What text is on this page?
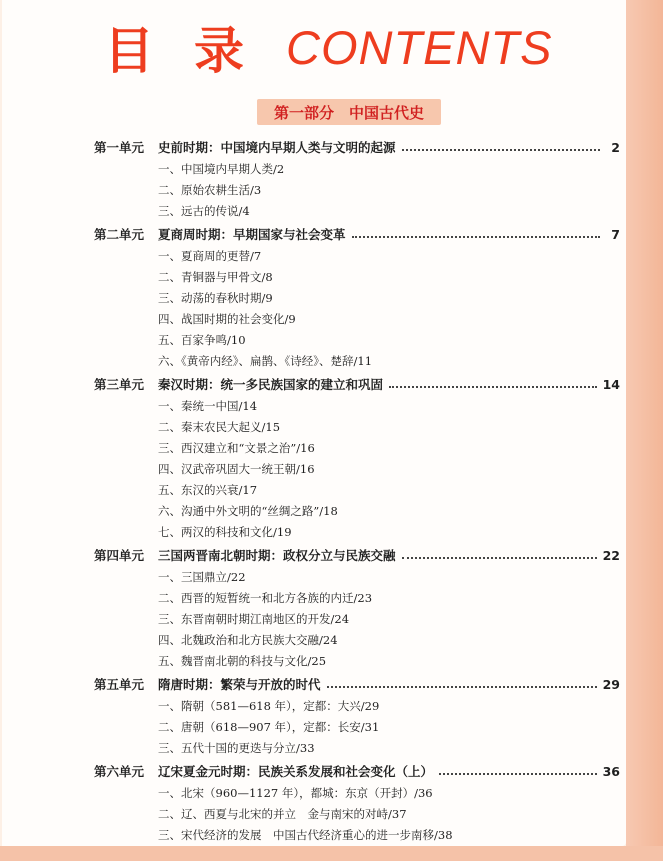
目录 CONTENTS
第一部分　中国古代史
第一单元	史前时期：中国境内早期人类与文明的起源	2
一、中国境内早期人类/2
二、原始农耕生活/3
三、远古的传说/4
第二单元	夏商周时期：早期国家与社会变革	7
一、夏商周的更替/7
二、青铜器与甲骨文/8
三、动荡的春秋时期/9
四、战国时期的社会变化/9
五、百家争鸣/10
六、《黄帝内经》、扁鹊、《诗经》、楚辞/11
第三单元	秦汉时期：统一多民族国家的建立和巩固	14
一、秦统一中国/14
二、秦末农民大起义/15
三、西汉建立和“文景之治”/16
四、汉武帝巩固大一统王朝/16
五、东汉的兴衰/17
六、沟通中外文明的“丝绸之路”/18
七、两汉的科技和文化/19
第四单元	三国两晋南北朝时期：政权分立与民族交融	22
一、三国鼎立/22
二、西晋的短暂统一和北方各族的内迁/23
三、东晋南朝时期江南地区的开发/24
四、北魏政治和北方民族大交融/24
五、魏晋南北朝的科技与文化/25
第五单元	隋唐时期：繁荣与开放的时代	29
一、隋朝（581—618 年），定都：大兴/29
二、唐朝（618—907 年），定都：长安/31
三、五代十国的更迭与分立/33
第六单元	辽宋夏金元时期：民族关系发展和社会变化（上）	36
一、北宋（960—1127 年），都城：东京（开封）/36
二、辽、西夏与北宋的并立　金与南宋的对峙/37
三、宋代经济的发展　中国古代经济重心的进一步南移/38
